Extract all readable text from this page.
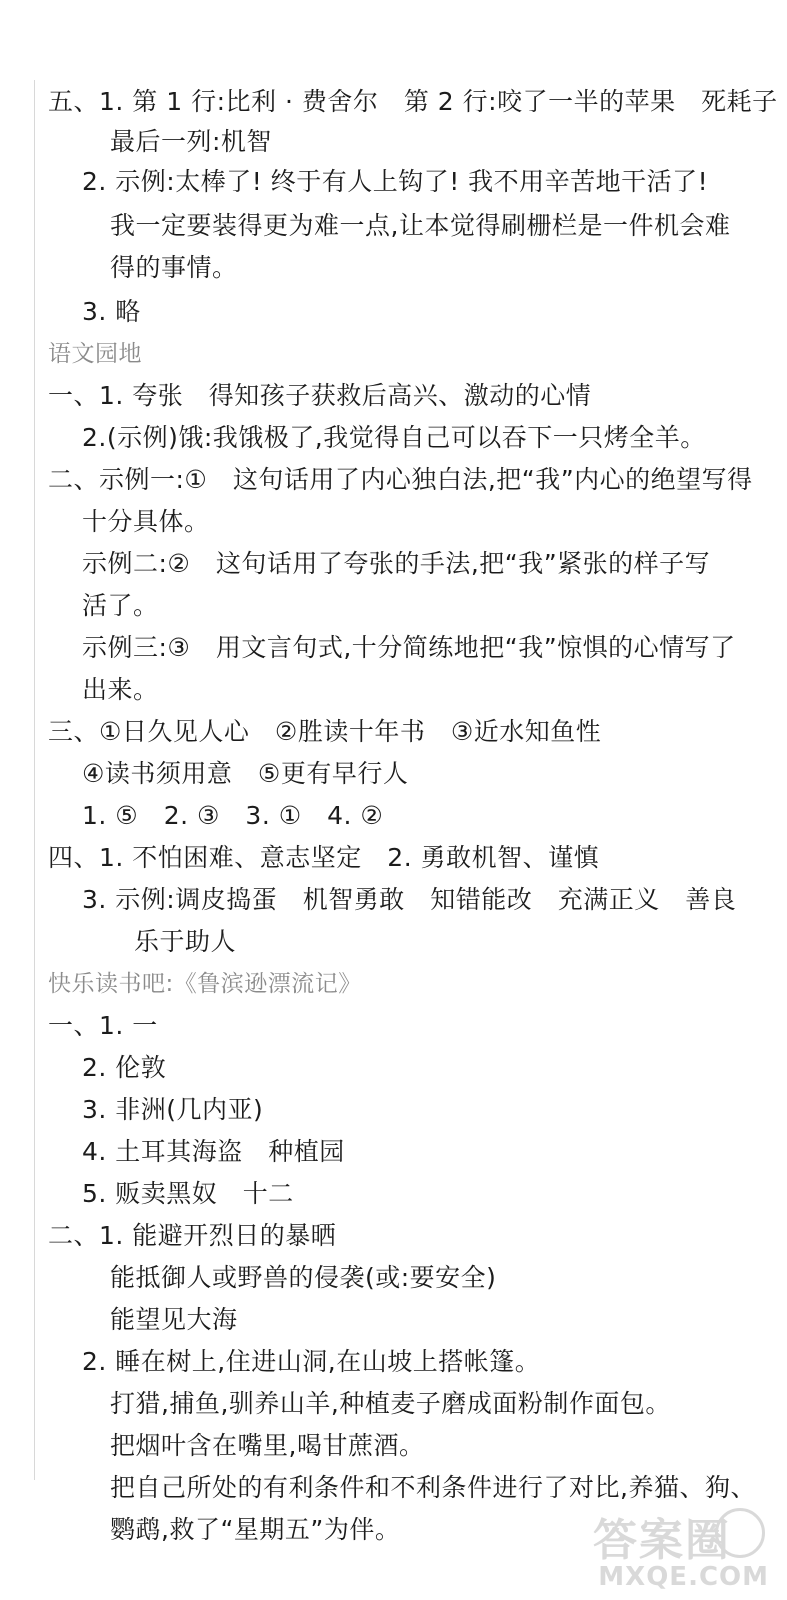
五、1. 第 1 行:比利 · 费舍尔　第 2 行:咬了一半的苹果　死耗子
最后一列:机智
2. 示例:太棒了! 终于有人上钩了! 我不用辛苦地干活了!
我一定要装得更为难一点,让本觉得刷栅栏是一件机会难
得的事情。
3. 略
语文园地
一、1. 夸张　得知孩子获救后高兴、激动的心情
2.(示例)饿:我饿极了,我觉得自己可以吞下一只烤全羊。
二、示例一:①　这句话用了内心独白法,把“我”内心的绝望写得
十分具体。
示例二:②　这句话用了夸张的手法,把“我”紧张的样子写
活了。
示例三:③　用文言句式,十分简练地把“我”惊惧的心情写了
出来。
三、①日久见人心　②胜读十年书　③近水知鱼性
④读书须用意　⑤更有早行人
1. ⑤　2. ③　3. ①　4. ②
四、1. 不怕困难、意志坚定　2. 勇敢机智、谨慎
3. 示例:调皮捣蛋　机智勇敢　知错能改　充满正义　善良
乐于助人
快乐读书吧:《鲁滨逊漂流记》
一、1. 一
2. 伦敦
3. 非洲(几内亚)
4. 土耳其海盗　种植园
5. 贩卖黑奴　十二
二、1. 能避开烈日的暴晒
能抵御人或野兽的侵袭(或:要安全)
能望见大海
2. 睡在树上,住进山洞,在山坡上搭帐篷。
打猎,捕鱼,驯养山羊,种植麦子磨成面粉制作面包。
把烟叶含在嘴里,喝甘蔗酒。
把自己所处的有利条件和不利条件进行了对比,养猫、狗、
鹦鹉,救了“星期五”为伴。	答案圈
MXQE.COM
